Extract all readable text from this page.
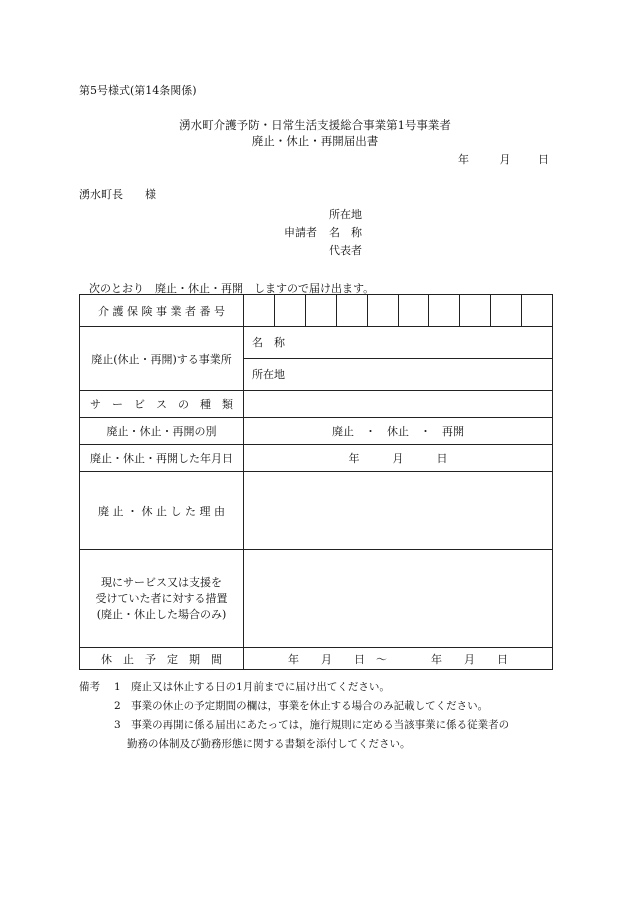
第5号様式(第14条関係)
湧水町介護予防・日常生活支援総合事業第1号事業者
廃止・休止・再開届出書
年	月	日
湧水町長　　様
所在地
申請者 名　称
代表者
次のとおり　廃止・休止・再開　しますので届け出ます。
介 護 保 険 事 業 者 番 号	

廃止(休止・再開)する事業所	名　称
所在地

サ　ー　ビ　ス　の　種　類	
廃止・休止・再開の別	廃止　・　休止　・　再開
廃止・休止・再開した年月日	年　　　月　　　日
廃 止 ・ 休 止 し た 理 由	

現にサービス又は支援を
受けていた者に対する措置
(廃止・休止した場合のみ)	

休　止　予　定　期　間	年　　月　　日　～　　　　年　　月　　日
備考 1　廃止又は休止する日の1月前までに届け出てください。
2　事業の休止の予定期間の欄は，事業を休止する場合のみ記載してください。
3　事業の再開に係る届出にあたっては，施行規則に定める当該事業に係る従業者の
勤務の体制及び勤務形態に関する書類を添付してください。
